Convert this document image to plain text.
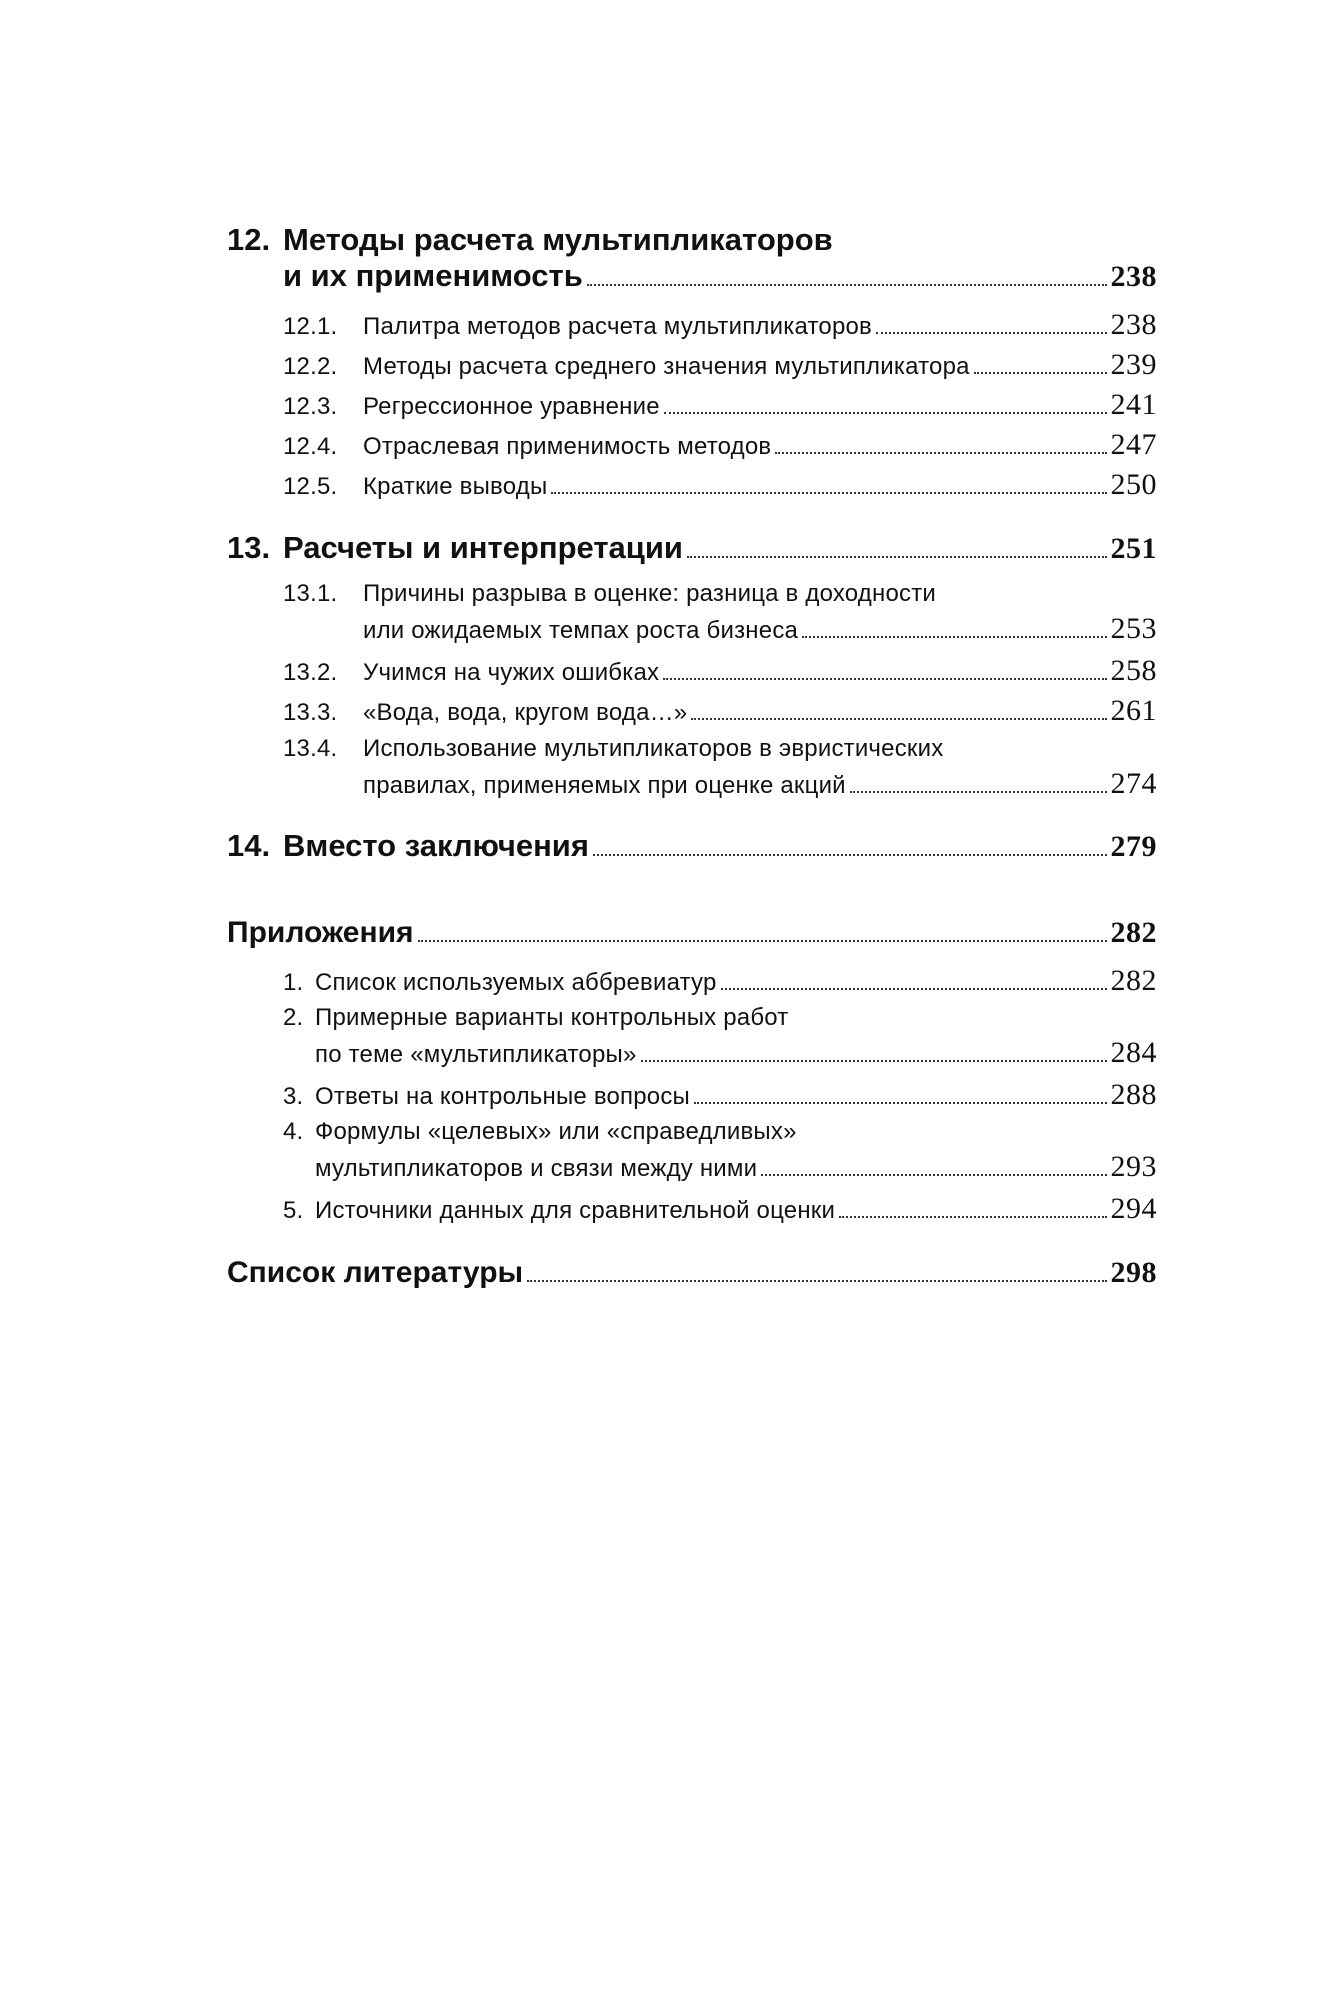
12. Методы расчета мультипликаторов
и их применимость	238
12.1.	Палитра методов расчета мультипликаторов	238
12.2.	Методы расчета среднего значения мультипликатора	239
12.3.	Регрессионное уравнение	241
12.4.	Отраслевая применимость методов	247
12.5.	Краткие выводы	250
13. Расчеты и интерпретации	251
13.1.	Причины разрыва в оценке: разница в доходности
или ожидаемых темпах роста бизнеса	253
13.2.	Учимся на чужих ошибках	258
13.3.	«Вода, вода, кругом вода…»	261
13.4.	Использование мультипликаторов в эвристических
правилах, применяемых при оценке акций	274
14. Вместо заключения	279
Приложения	282
1. Список используемых аббревиатур	282
2. Примерные варианты контрольных работ
по теме «мультипликаторы»	284
3. Ответы на контрольные вопросы	288
4. Формулы «целевых» или «справедливых»
мультипликаторов и связи между ними	293
5. Источники данных для сравнительной оценки	294
Список литературы	298
